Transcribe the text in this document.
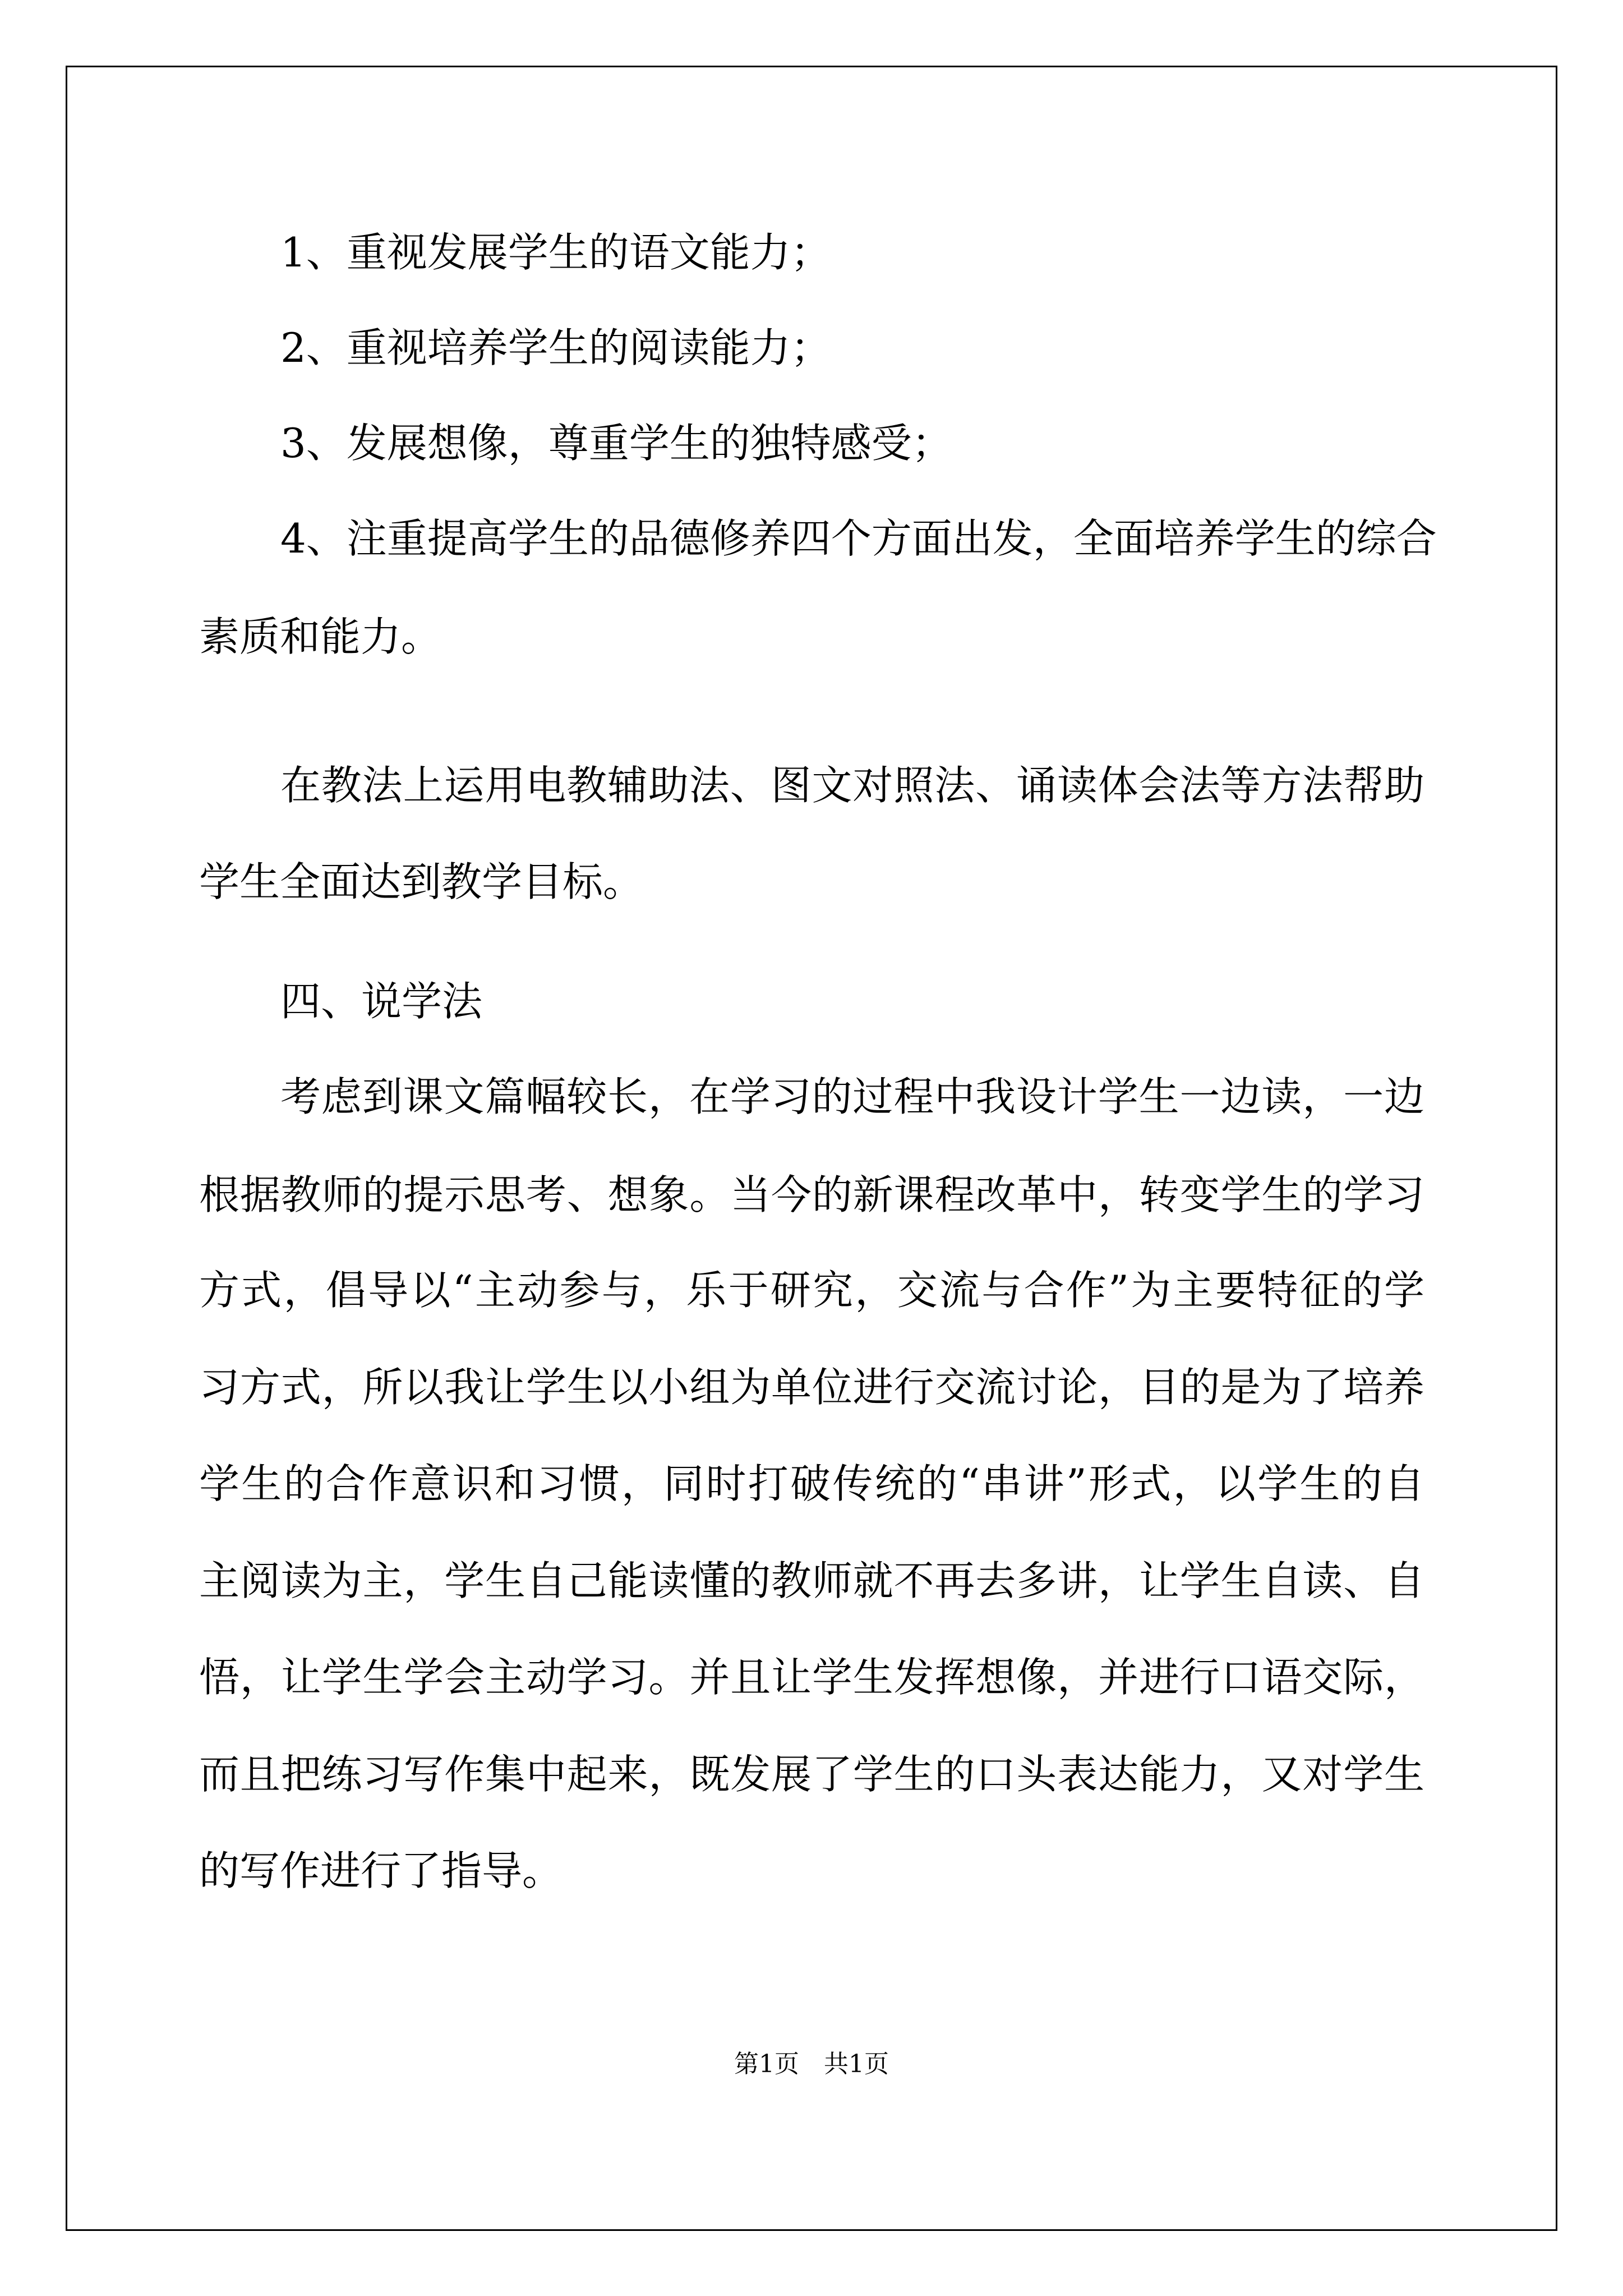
1、重视发展学生的语文能力；
2、重视培养学生的阅读能力；
3、发展想像，尊重学生的独特感受；
4、注重提高学生的品德修养四个方面出发，全面培养学生的综合
素质和能力。
在教法上运用电教辅助法、图文对照法、诵读体会法等方法帮助
学生全面达到教学目标。
四、说学法
考虑到课文篇幅较长，在学习的过程中我设计学生一边读，一边
根据教师的提示思考、想象。当今的新课程改革中，转变学生的学习
方式，倡导以“主动参与，乐于研究，交流与合作”为主要特征的学
习方式，所以我让学生以小组为单位进行交流讨论，目的是为了培养
学生的合作意识和习惯，同时打破传统的“串讲”形式，以学生的自
主阅读为主，学生自己能读懂的教师就不再去多讲，让学生自读、自
悟，让学生学会主动学习。并且让学生发挥想像，并进行口语交际，
而且把练习写作集中起来，既发展了学生的口头表达能力，又对学生
的写作进行了指导。
第1页　共1页
